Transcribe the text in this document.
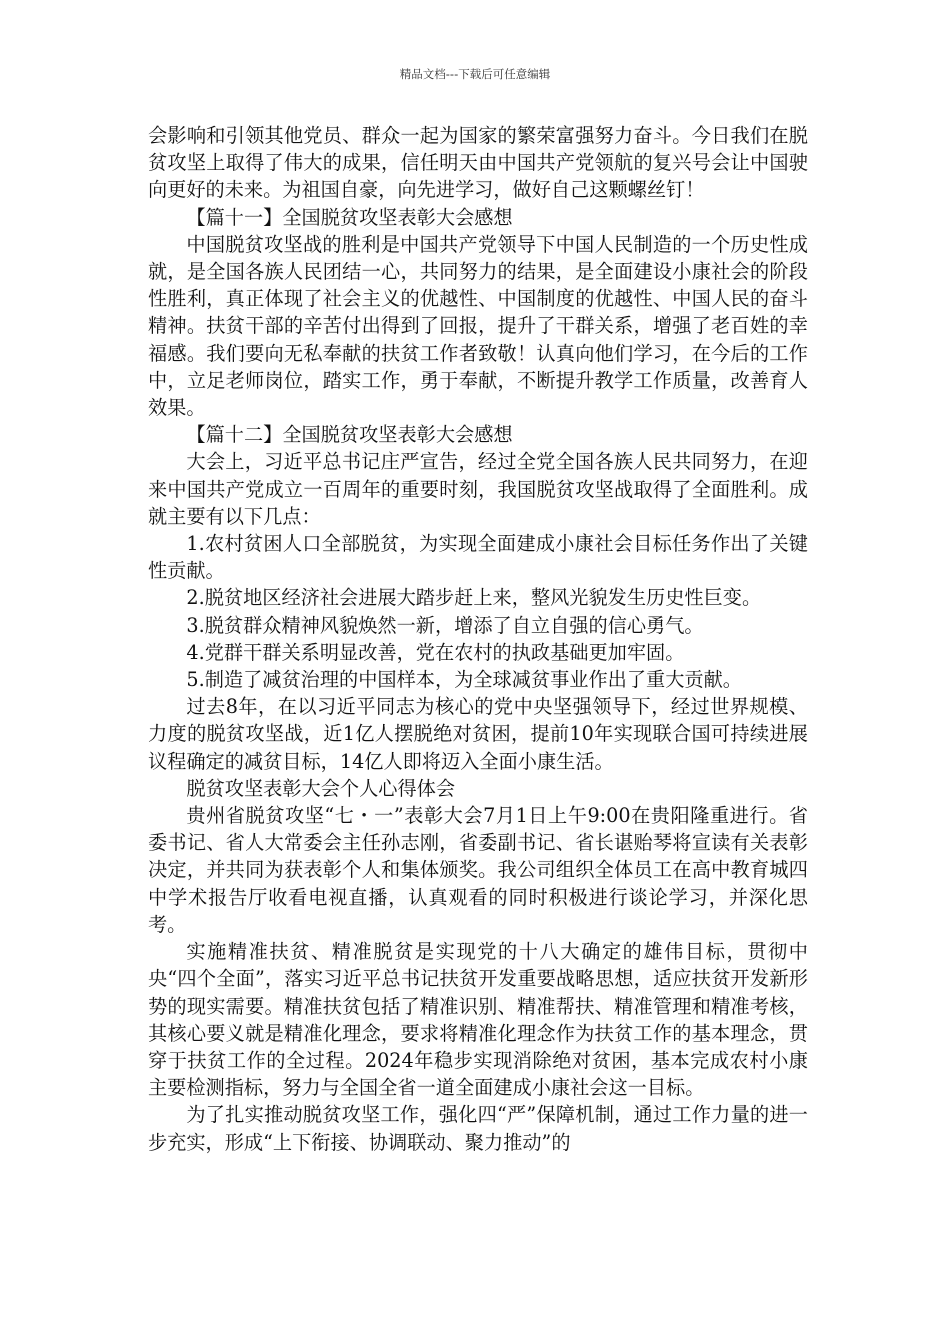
精品文档---下载后可任意编辑

会影响和引领其他党员、群众一起为国家的繁荣富强努力奋斗。今日我们在脱贫攻坚上取得了伟大的成果，信任明天由中国共产党领航的复兴号会让中国驶向更好的未来。为祖国自豪，向先进学习，做好自己这颗螺丝钉！

【篇十一】全国脱贫攻坚表彰大会感想

中国脱贫攻坚战的胜利是中国共产党领导下中国人民制造的一个历史性成就，是全国各族人民团结一心，共同努力的结果，是全面建设小康社会的阶段性胜利，真正体现了社会主义的优越性、中国制度的优越性、中国人民的奋斗精神。扶贫干部的辛苦付出得到了回报，提升了干群关系，增强了老百姓的幸福感。我们要向无私奉献的扶贫工作者致敬！认真向他们学习，在今后的工作中，立足老师岗位，踏实工作，勇于奉献，不断提升教学工作质量，改善育人效果。

【篇十二】全国脱贫攻坚表彰大会感想

大会上，习近平总书记庄严宣告，经过全党全国各族人民共同努力，在迎来中国共产党成立一百周年的重要时刻，我国脱贫攻坚战取得了全面胜利。成就主要有以下几点：

1.农村贫困人口全部脱贫，为实现全面建成小康社会目标任务作出了关键性贡献。

2.脱贫地区经济社会进展大踏步赶上来，整风光貌发生历史性巨变。

3.脱贫群众精神风貌焕然一新，增添了自立自强的信心勇气。

4.党群干群关系明显改善，党在农村的执政基础更加牢固。

5.制造了减贫治理的中国样本，为全球减贫事业作出了重大贡献。

过去8年，在以习近平同志为核心的党中央坚强领导下，经过世界规模、力度的脱贫攻坚战，近1亿人摆脱绝对贫困，提前10年实现联合国可持续进展议程确定的减贫目标，14亿人即将迈入全面小康生活。

脱贫攻坚表彰大会个人心得体会

贵州省脱贫攻坚“七・一”表彰大会7月1日上午9:00在贵阳隆重进行。省委书记、省人大常委会主任孙志刚，省委副书记、省长谌贻琴将宣读有关表彰决定，并共同为获表彰个人和集体颁奖。我公司组织全体员工在高中教育城四中学术报告厅收看电视直播，认真观看的同时积极进行谈论学习，并深化思考。

实施精准扶贫、精准脱贫是实现党的十八大确定的雄伟目标，贯彻中央“四个全面”，落实习近平总书记扶贫开发重要战略思想，适应扶贫开发新形势的现实需要。精准扶贫包括了精准识别、精准帮扶、精准管理和精准考核，其核心要义就是精准化理念，要求将精准化理念作为扶贫工作的基本理念，贯穿于扶贫工作的全过程。2024年稳步实现消除绝对贫困，基本完成农村小康主要检测指标，努力与全国全省一道全面建成小康社会这一目标。

为了扎实推动脱贫攻坚工作，强化四“严”保障机制，通过工作力量的进一步充实，形成“上下衔接、协调联动、聚力推动”的
